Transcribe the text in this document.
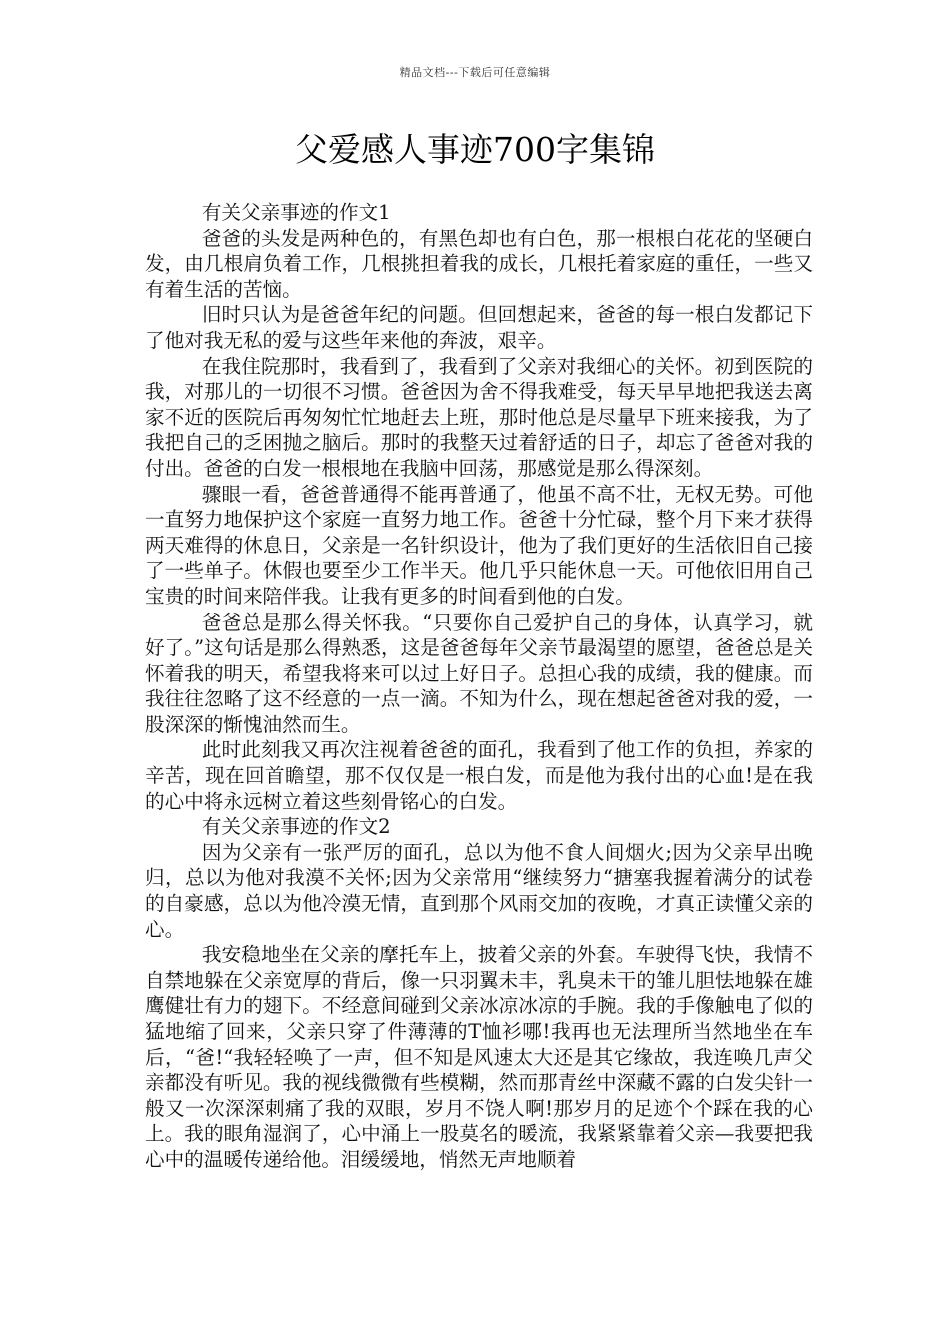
精品文档---下载后可任意编辑
父爱感人事迹700字集锦

有关父亲事迹的作文1

爸爸的头发是两种色的，有黑色却也有白色，那一根根白花花的坚硬白发，由几根肩负着工作，几根挑担着我的成长，几根托着家庭的重任，一些又有着生活的苦恼。

旧时只认为是爸爸年纪的问题。但回想起来，爸爸的每一根白发都记下了他对我无私的爱与这些年来他的奔波，艰辛。

在我住院那时，我看到了，我看到了父亲对我细心的关怀。初到医院的我，对那儿的一切很不习惯。爸爸因为舍不得我难受，每天早早地把我送去离家不近的医院后再匆匆忙忙地赶去上班，那时他总是尽量早下班来接我，为了我把自己的乏困抛之脑后。那时的我整天过着舒适的日子，却忘了爸爸对我的付出。爸爸的白发一根根地在我脑中回荡，那感觉是那么得深刻。

骤眼一看，爸爸普通得不能再普通了，他虽不高不壮，无权无势。可他一直努力地保护这个家庭一直努力地工作。爸爸十分忙碌，整个月下来才获得两天难得的休息日，父亲是一名针织设计，他为了我们更好的生活依旧自己接了一些单子。休假也要至少工作半天。他几乎只能休息一天。可他依旧用自己宝贵的时间来陪伴我。让我有更多的时间看到他的白发。

爸爸总是那么得关怀我。“只要你自己爱护自己的身体，认真学习，就好了。”这句话是那么得熟悉，这是爸爸每年父亲节最渴望的愿望，爸爸总是关怀着我的明天，希望我将来可以过上好日子。总担心我的成绩，我的健康。而我往往忽略了这不经意的一点一滴。不知为什么，现在想起爸爸对我的爱，一股深深的惭愧油然而生。

此时此刻我又再次注视着爸爸的面孔，我看到了他工作的负担，养家的辛苦，现在回首瞻望，那不仅仅是一根白发，而是他为我付出的心血!是在我的心中将永远树立着这些刻骨铭心的白发。

有关父亲事迹的作文2

因为父亲有一张严厉的面孔，总以为他不食人间烟火;因为父亲早出晚归，总以为他对我漠不关怀;因为父亲常用“继续努力“搪塞我握着满分的试卷的自豪感，总以为他冷漠无情，直到那个风雨交加的夜晚，才真正读懂父亲的心。

我安稳地坐在父亲的摩托车上，披着父亲的外套。车驶得飞快，我情不自禁地躲在父亲宽厚的背后，像一只羽翼未丰，乳臭未干的雏儿胆怯地躲在雄鹰健壮有力的翅下。不经意间碰到父亲冰凉冰凉的手腕。我的手像触电了似的猛地缩了回来，父亲只穿了件薄薄的T恤衫哪!我再也无法理所当然地坐在车后，“爸!“我轻轻唤了一声，但不知是风速太大还是其它缘故，我连唤几声父亲都没有听见。我的视线微微有些模糊，然而那青丝中深藏不露的白发尖针一般又一次深深刺痛了我的双眼，岁月不饶人啊!那岁月的足迹个个踩在我的心上。我的眼角湿润了，心中涌上一股莫名的暖流，我紧紧靠着父亲—我要把我心中的温暖传递给他。泪缓缓地，悄然无声地顺着
